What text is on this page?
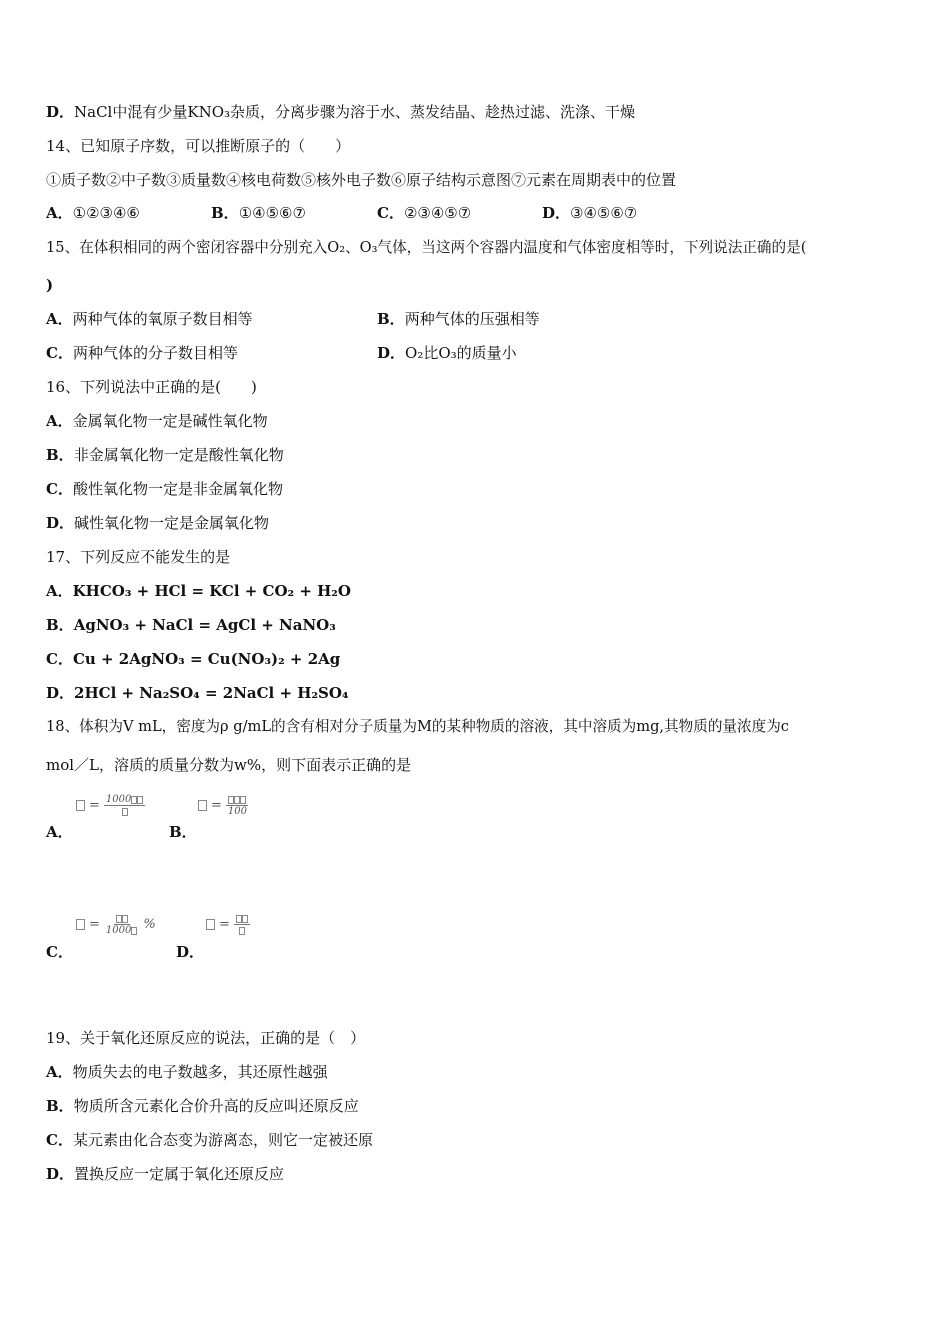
D．NaCl中混有少量KNO₃杂质，分离步骤为溶于水、蒸发结晶、趁热过滤、洗涤、干燥
14、已知原子序数，可以推断原子的（　　）
①质子数②中子数③质量数④核电荷数⑤核外电子数⑥原子结构示意图⑦元素在周期表中的位置
A．①②③④⑥	B．①④⑤⑥⑦	C．②③④⑤⑦	D．③④⑤⑥⑦
15、在体积相同的两个密闭容器中分别充入O₂、O₃气体，当这两个容器内温度和气体密度相等时，下列说法正确的是(
)
A．两种气体的氧原子数目相等	B．两种气体的压强相等
C．两种气体的分子数目相等	D．O₂比O₃的质量小
16、下列说法中正确的是(　　)
A．金属氧化物一定是碱性氧化物
B．非金属氧化物一定是酸性氧化物
C．酸性氧化物一定是非金属氧化物
D．碱性氧化物一定是金属氧化物
17、下列反应不能发生的是
A．KHCO₃ + HCl = KCl + CO₂ + H₂O
B．AgNO₃ + NaCl = AgCl + NaNO₃
C．Cu + 2AgNO₃ = Cu(NO₃)₂ + 2Ag
D．2HCl + Na₂SO₄ = 2NaCl + H₂SO₄
18、体积为V mL，密度为ρ g/mL的含有相对分子质量为M的某种物质的溶液，其中溶质为mg,其物质的量浓度为c
mol／L，溶质的质量分数为w%，则下面表示正确的是
A．
= 1000
B．
= 100
C．
= 1000 %
D．
=
19、关于氧化还原反应的说法，正确的是（　）
A．物质失去的电子数越多，其还原性越强
B．物质所含元素化合价升高的反应叫还原反应
C．某元素由化合态变为游离态，则它一定被还原
D．置换反应一定属于氧化还原反应
